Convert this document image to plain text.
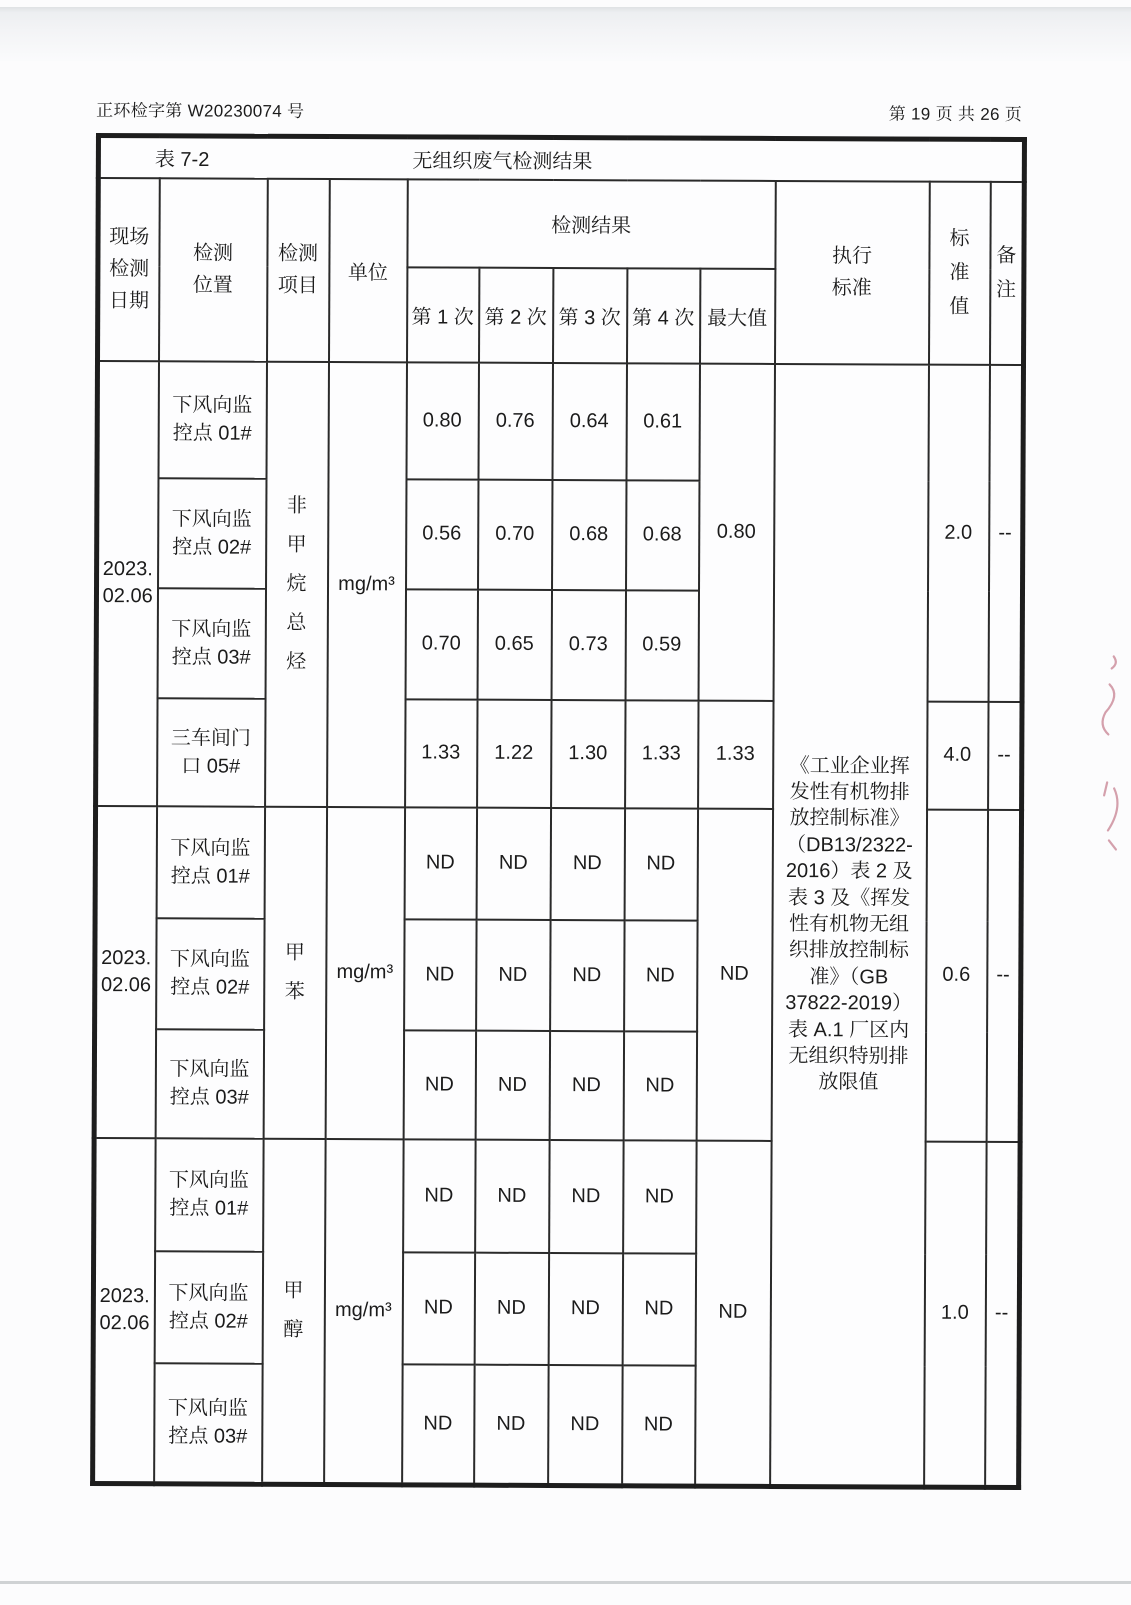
正环检字第 W20230074 号	第 19 页 共 26 页
表 7-2 无组织废气检测结果											
现场检测日期	检测位置	检测项目	单位	检测结果					执行标准	标准值	备注
				第 1 次	第 2 次	第 3 次	第 4 次	最大值			
2023.
02.06	下风向监控点 01#	非甲烷总烃	mg/m³	0.80	0.76	0.64	0.61	0.80	《工业企业挥发性有机物排放控制标准》（DB13/2322-2016）表 2 及表 3 及《挥发性有机物无组织排放控制标准》（GB 37822-2019）表 A.1 厂区内无组织特别排放限值	2.0	--
	下风向监控点 02#			0.56	0.70	0.68	0.68				
	下风向监控点 03#			0.70	0.65	0.73	0.59				
	三车间门口 05#			1.33	1.22	1.30	1.33	1.33		4.0	--
2023.
02.06	下风向监控点 01#	甲苯	mg/m³	ND	ND	ND	ND	ND		0.6	--
	下风向监控点 02#			ND	ND	ND	ND				
	下风向监控点 03#			ND	ND	ND	ND				
2023.
02.06	下风向监控点 01#	甲醇	mg/m³	ND	ND	ND	ND	ND		1.0	--
	下风向监控点 02#			ND	ND	ND	ND				
	下风向监控点 03#			ND	ND	ND	ND				
